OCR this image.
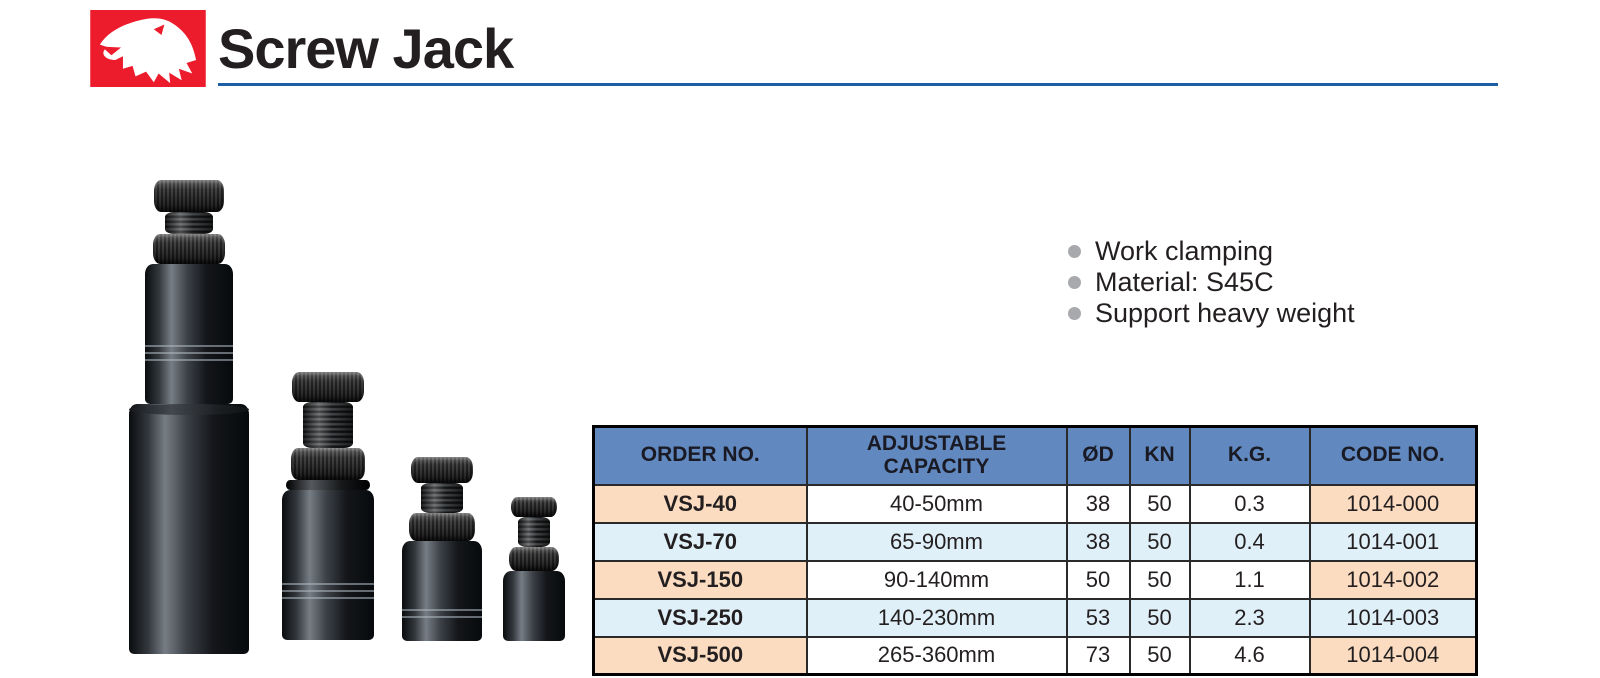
Screw Jack
Work clamping
Material: S45C
Support heavy weight
ORDER NO.	ADJUSTABLE CAPACITY	ØD	KN	K.G.	CODE NO.
VSJ-40	40-50mm	38	50	0.3	1014-000
VSJ-70	65-90mm	38	50	0.4	1014-001
VSJ-150	90-140mm	50	50	1.1	1014-002
VSJ-250	140-230mm	53	50	2.3	1014-003
VSJ-500	265-360mm	73	50	4.6	1014-004
